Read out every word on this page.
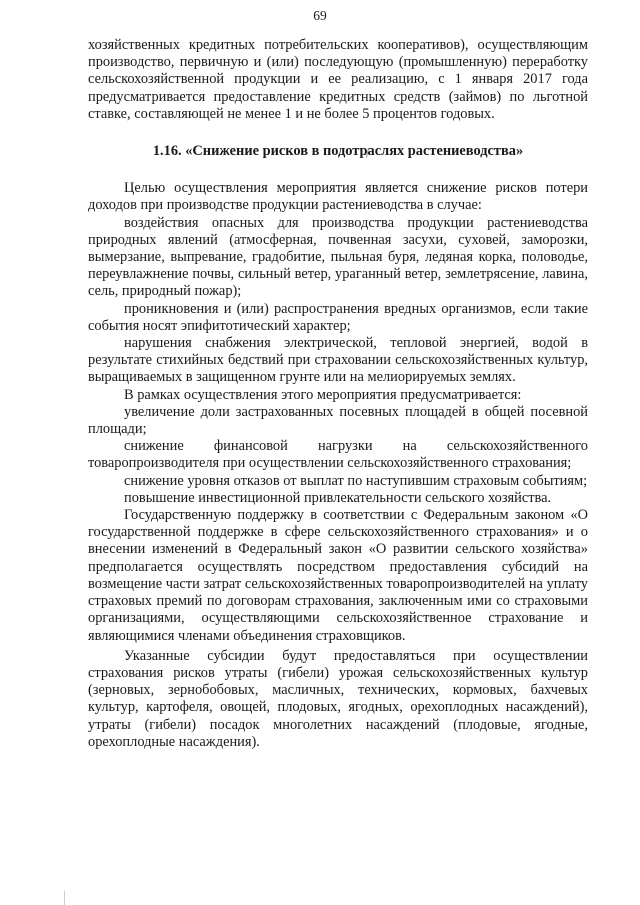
69

хозяйственных кредитных потребительских кооперативов), осуществляющим производство, первичную и (или) последующую (промышленную) переработку сельскохозяйственной продукции и ее реализацию, с 1 января 2017 года предусматривается предоставление кредитных средств (займов) по льготной ставке, составляющей не менее 1 и не более 5 процентов годовых.

1.16. «Снижение рисков в подотраслях растениеводства»

Целью осуществления мероприятия является снижение рисков потери доходов при производстве продукции растениеводства в случае:

воздействия опасных для производства продукции растениеводства природных явлений (атмосферная, почвенная засухи, суховей, заморозки, вымерзание, выпревание, градобитие, пыльная буря, ледяная корка, половодье, переувлажнение почвы, сильный ветер, ураганный ветер, землетрясение, лавина, сель, природный пожар);

проникновения и (или) распространения вредных организмов, если такие события носят эпифитотический характер;

нарушения снабжения электрической, тепловой энергией, водой в результате стихийных бедствий при страховании сельскохозяйственных культур, выращиваемых в защищенном грунте или на мелиорируемых землях.

В рамках осуществления этого мероприятия предусматривается:

увеличение доли застрахованных посевных площадей в общей посевной площади;

снижение финансовой нагрузки на сельскохозяйственного товаропроизводителя при осуществлении сельскохозяйственного страхования;

снижение уровня отказов от выплат по наступившим страховым событиям;

повышение инвестиционной привлекательности сельского хозяйства.

Государственную поддержку в соответствии с Федеральным законом «О государственной поддержке в сфере сельскохозяйственного страхования» и о внесении изменений в Федеральный закон «О развитии сельского хозяйства» предполагается осуществлять посредством предоставления субсидий на возмещение части затрат сельскохозяйственных товаропроизводителей на уплату страховых премий по договорам страхования, заключенным ими со страховыми организациями, осуществляющими сельскохозяйственное страхование и являющимися членами объединения страховщиков.

Указанные субсидии будут предоставляться при осуществлении страхования рисков утраты (гибели) урожая сельскохозяйственных культур (зерновых, зернобобовых, масличных, технических, кормовых, бахчевых культур, картофеля, овощей, плодовых, ягодных, орехоплодных насаждений), утраты (гибели) посадок многолетних насаждений (плодовые, ягодные, орехоплодные насаждения).
